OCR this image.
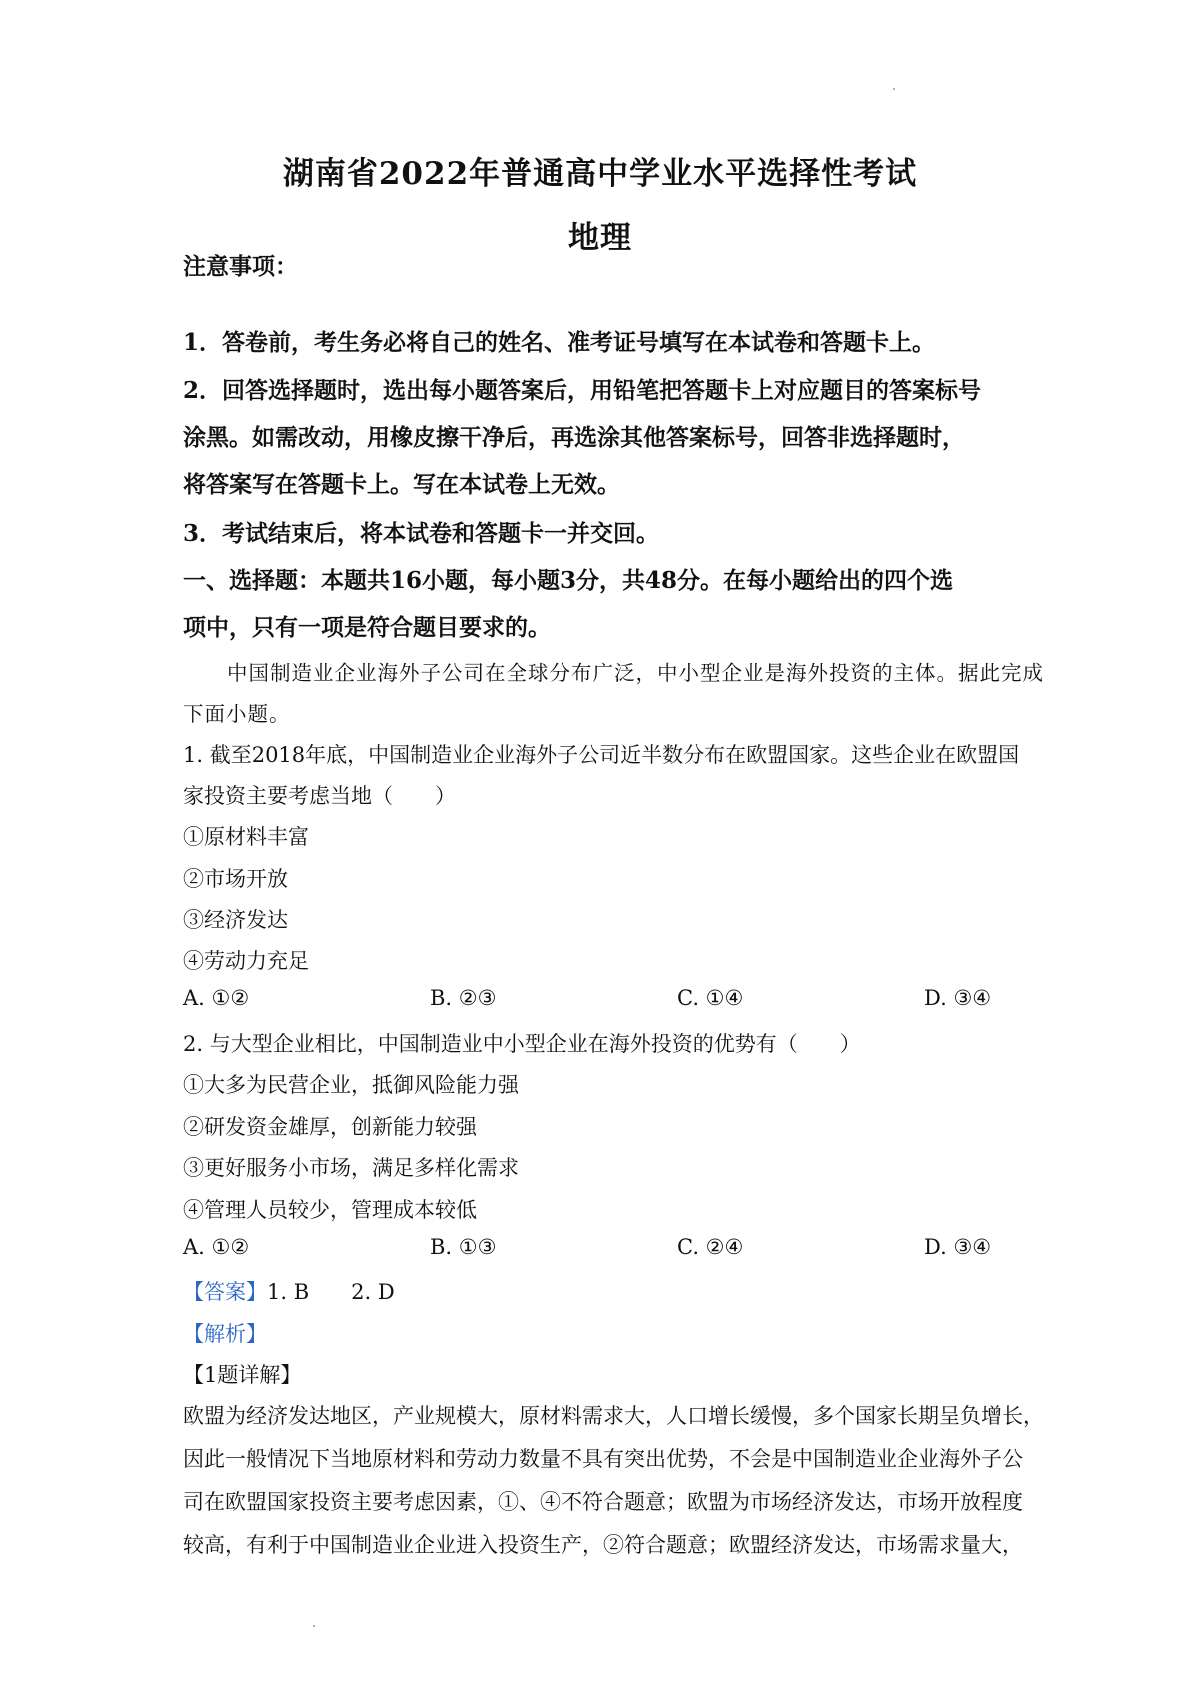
湖南省2022年普通高中学业水平选择性考试
地理
注意事项：
1．答卷前，考生务必将自己的姓名、准考证号填写在本试卷和答题卡上。
2．回答选择题时，选出每小题答案后，用铅笔把答题卡上对应题目的答案标号
涂黑。如需改动，用橡皮擦干净后，再选涂其他答案标号，回答非选择题时，
将答案写在答题卡上。写在本试卷上无效。
3．考试结束后，将本试卷和答题卡一并交回。
一、选择题：本题共16小题，每小题3分，共48分。在每小题给出的四个选
项中，只有一项是符合题目要求的。
中国制造业企业海外子公司在全球分布广泛，中小型企业是海外投资的主体。据此完成
下面小题。
1. 截至2018年底，中国制造业企业海外子公司近半数分布在欧盟国家。这些企业在欧盟国
家投资主要考虑当地（　　）
①原材料丰富
②市场开放
③经济发达
④劳动力充足
A. ①②	B. ②③	C. ①④	D. ③④
2. 与大型企业相比，中国制造业中小型企业在海外投资的优势有（　　）
①大多为民营企业，抵御风险能力强
②研发资金雄厚，创新能力较强
③更好服务小市场，满足多样化需求
④管理人员较少，管理成本较低
A. ①②	B. ①③	C. ②④	D. ③④
【答案】1. B 2. D
【解析】
【1题详解】
欧盟为经济发达地区，产业规模大，原材料需求大，人口增长缓慢，多个国家长期呈负增长，
因此一般情况下当地原材料和劳动力数量不具有突出优势，不会是中国制造业企业海外子公
司在欧盟国家投资主要考虑因素，①、④不符合题意；欧盟为市场经济发达，市场开放程度
较高，有利于中国制造业企业进入投资生产，②符合题意；欧盟经济发达，市场需求量大，
